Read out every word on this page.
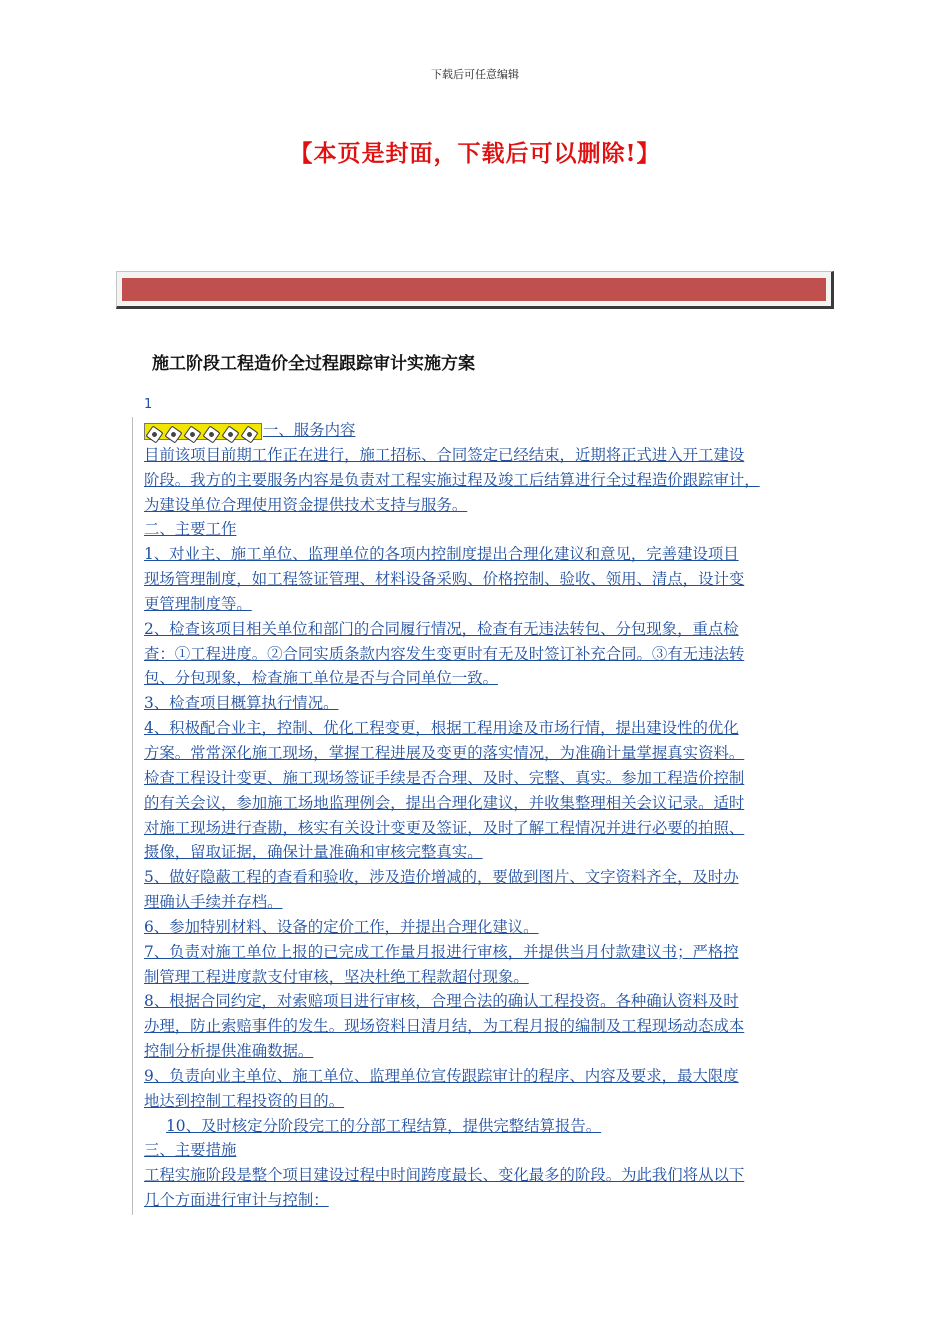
下载后可任意编辑
【本页是封面，下载后可以删除!】
施工阶段工程造价全过程跟踪审计实施方案
1
一、服务内容
目前该项目前期工作正在进行，施工招标、合同签定已经结束，近期将正式进入开工建设
阶段。我方的主要服务内容是负责对工程实施过程及竣工后结算进行全过程造价跟踪审计，
为建设单位合理使用资金提供技术支持与服务。
二、主要工作
1、对业主、施工单位、监理单位的各项内控制度提出合理化建议和意见，完善建设项目
现场管理制度，如工程签证管理、材料设备采购、价格控制、验收、领用、清点，设计变
更管理制度等。
2、检查该项目相关单位和部门的合同履行情况，检查有无违法转包、分包现象，重点检
查：①工程进度。②合同实质条款内容发生变更时有无及时签订补充合同。③有无违法转
包、分包现象，检查施工单位是否与合同单位一致。
3、检查项目概算执行情况。
4、积极配合业主，控制、优化工程变更，根据工程用途及市场行情，提出建设性的优化
方案。常常深化施工现场，掌握工程进展及变更的落实情况，为准确计量掌握真实资料。
检查工程设计变更、施工现场签证手续是否合理、及时、完整、真实。参加工程造价控制
的有关会议，参加施工场地监理例会，提出合理化建议，并收集整理相关会议记录。适时
对施工现场进行查勘，核实有关设计变更及签证，及时了解工程情况并进行必要的拍照、
摄像，留取证据，确保计量准确和审核完整真实。
5、做好隐蔽工程的查看和验收，涉及造价增减的，要做到图片、文字资料齐全，及时办
理确认手续并存档。
6、参加特别材料、设备的定价工作，并提出合理化建议。
7、负责对施工单位上报的已完成工作量月报进行审核，并提供当月付款建议书；严格控
制管理工程进度款支付审核，坚决杜绝工程款超付现象。
8、根据合同约定，对索赔项目进行审核，合理合法的确认工程投资。各种确认资料及时
办理，防止索赔事件的发生。现场资料日清月结，为工程月报的编制及工程现场动态成本
控制分析提供准确数据。
9、负责向业主单位、施工单位、监理单位宣传跟踪审计的程序、内容及要求，最大限度
地达到控制工程投资的目的。
10、及时核定分阶段完工的分部工程结算，提供完整结算报告。
三、主要措施
工程实施阶段是整个项目建设过程中时间跨度最长、变化最多的阶段。为此我们将从以下
几个方面进行审计与控制：
